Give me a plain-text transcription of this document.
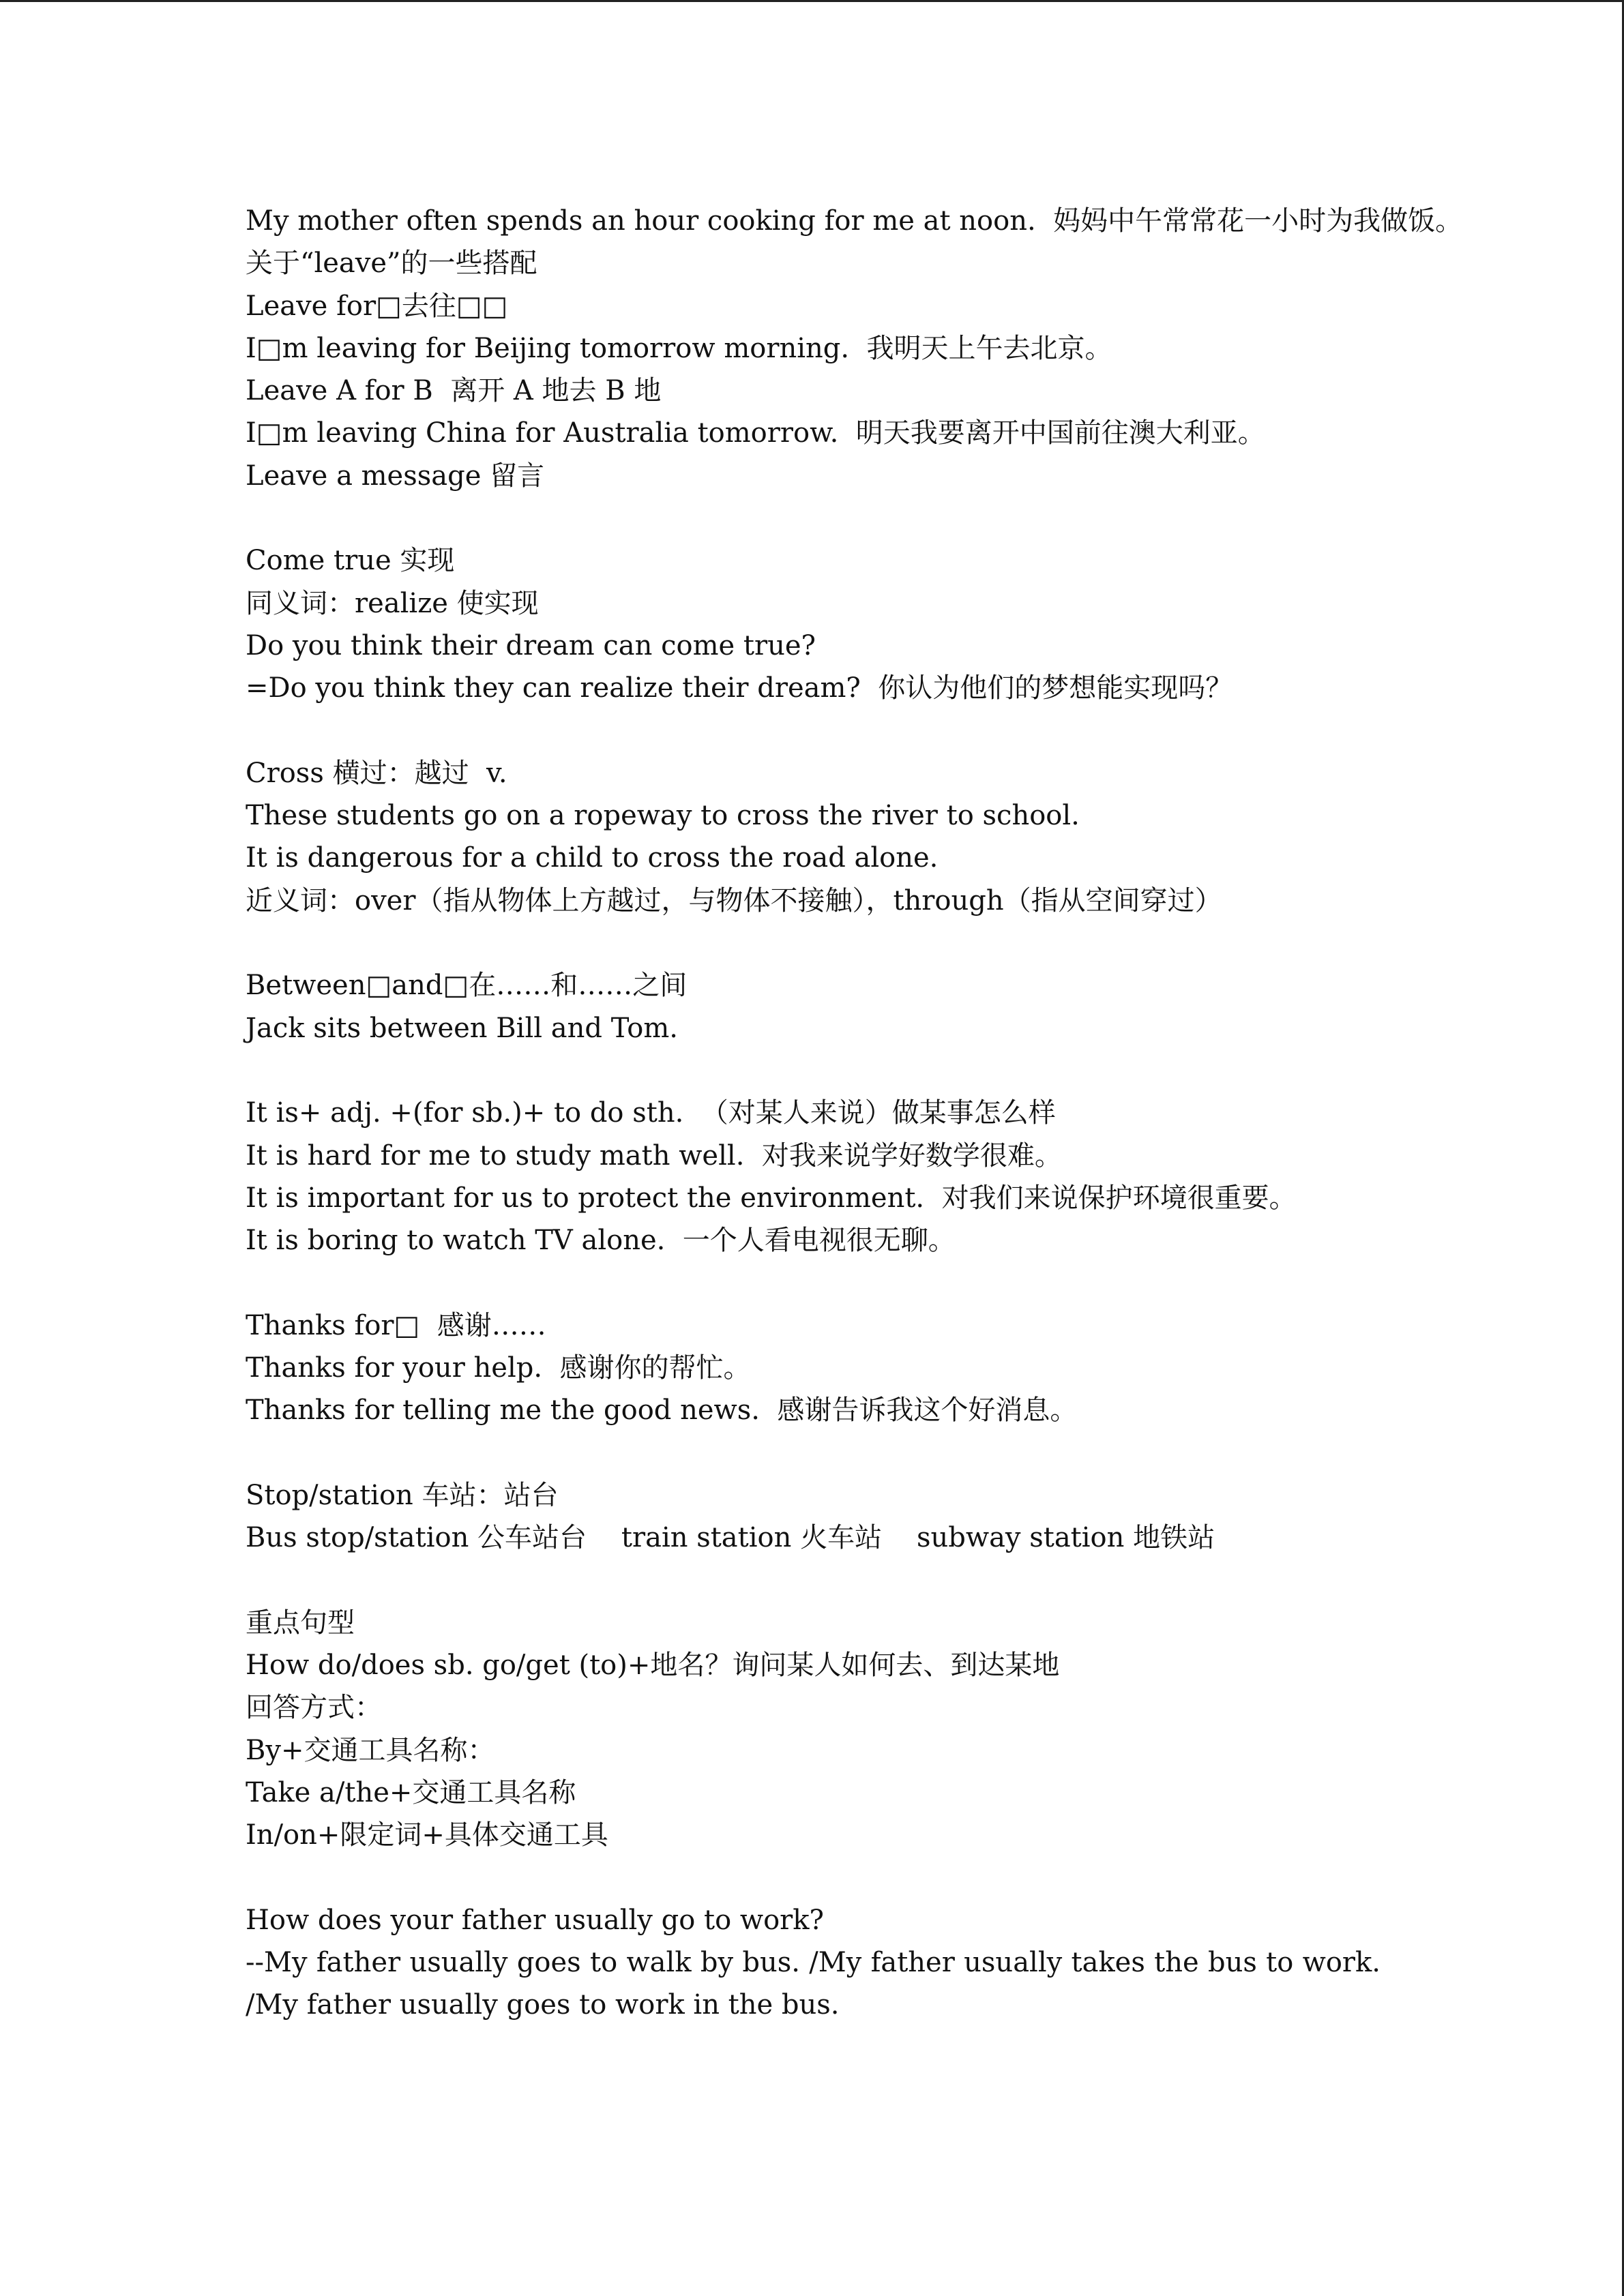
My mother often spends an hour cooking for me at noon.  妈妈中午常常花一小时为我做饭。
关于“leave”的一些搭配
Leave for□去往□□
I□m leaving for Beijing tomorrow morning.  我明天上午去北京。
Leave A for B  离开 A 地去 B 地
I□m leaving China for Australia tomorrow.  明天我要离开中国前往澳大利亚。
Leave a message 留言
Come true 实现
同义词：realize 使实现
Do you think their dream can come true?
=Do you think they can realize their dream?  你认为他们的梦想能实现吗？
Cross 横过：越过  v.
These students go on a ropeway to cross the river to school.
It is dangerous for a child to cross the road alone.
近义词：over（指从物体上方越过，与物体不接触），through（指从空间穿过）
Between□and□在……和……之间
Jack sits between Bill and Tom.
It is+ adj. +(for sb.)+ to do sth.  （对某人来说）做某事怎么样
It is hard for me to study math well.  对我来说学好数学很难。
It is important for us to protect the environment.  对我们来说保护环境很重要。
It is boring to watch TV alone.  一个人看电视很无聊。
Thanks for□  感谢……
Thanks for your help.  感谢你的帮忙。
Thanks for telling me the good news.  感谢告诉我这个好消息。
Stop/station 车站：站台
Bus stop/station 公车站台    train station 火车站    subway station 地铁站
重点句型
How do/does sb. go/get (to)+地名？询问某人如何去、到达某地
回答方式：
By+交通工具名称：
Take a/the+交通工具名称
In/on+限定词+具体交通工具
How does your father usually go to work?
--My father usually goes to walk by bus. /My father usually takes the bus to work. /My father usually goes to work in the bus.
